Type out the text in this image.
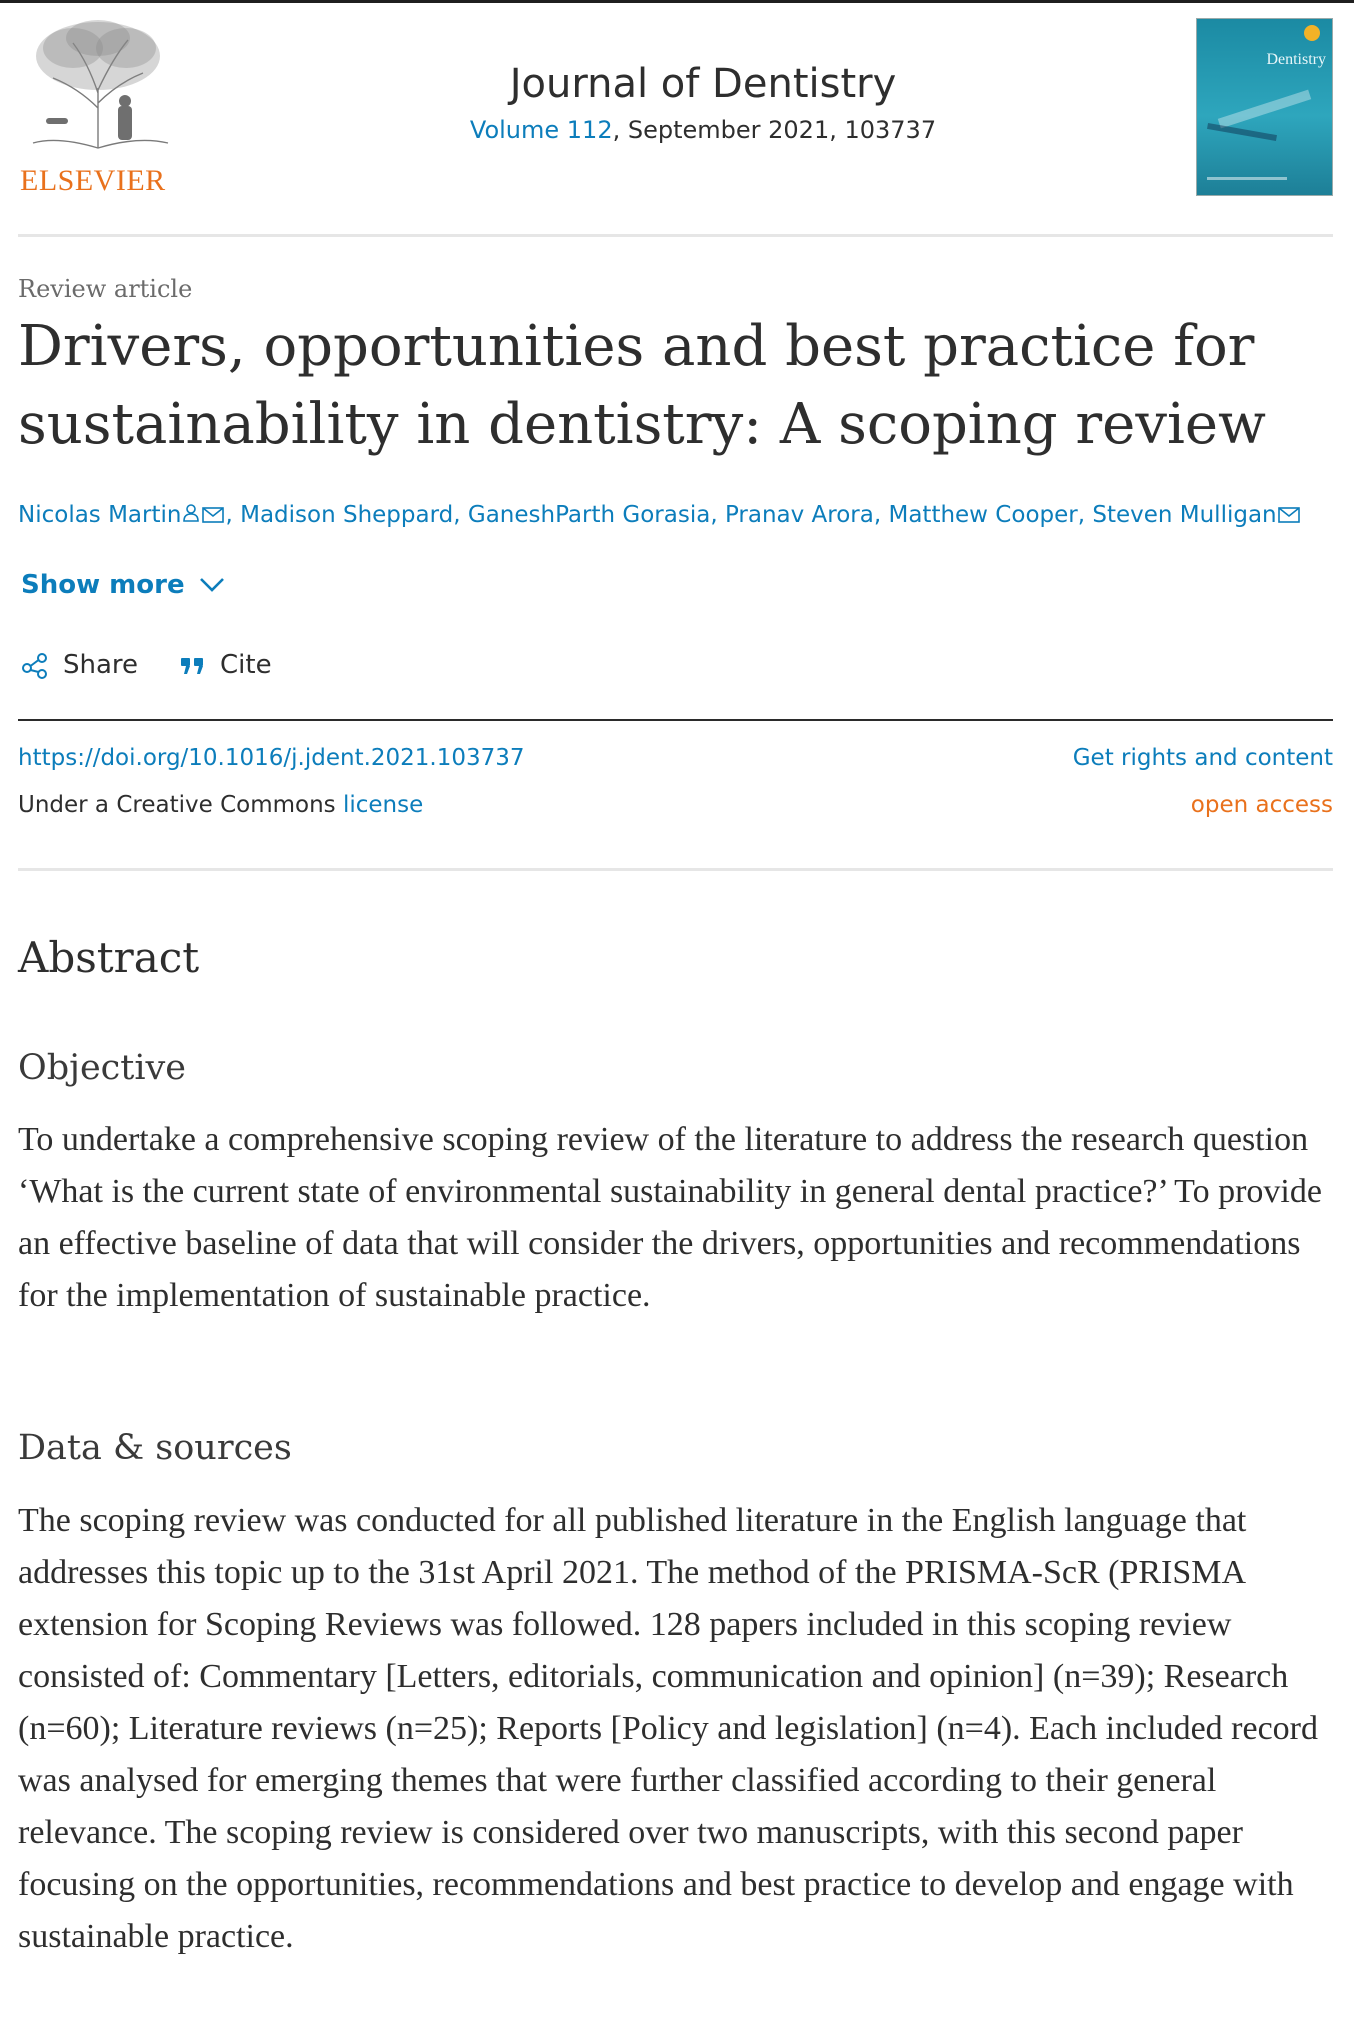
ELSEVIER
Journal of Dentistry
Volume 112, September 2021, 103737
Dentistry
Review article
Drivers, opportunities and best practice for sustainability in dentistry: A scoping review
Nicolas Martin , Madison Sheppard, GaneshParth Gorasia, Pranav Arora, Matthew Cooper, Steven Mulligan
Show more
Share	Cite
https://doi.org/10.1016/j.jdent.2021.103737	Get rights and content
Under a Creative Commons license	open access
Abstract
Objective

To undertake a comprehensive scoping review of the literature to address the research question ‘What is the current state of environmental sustainability in general dental practice?’ To provide an effective baseline of data that will consider the drivers, opportunities and recommendations for the implementation of sustainable practice.

Data & sources

The scoping review was conducted for all published literature in the English language that addresses this topic up to the 31st April 2021. The method of the PRISMA-ScR (PRISMA extension for Scoping Reviews was followed. 128 papers included in this scoping review consisted of: Commentary [Letters, editorials, communication and opinion] (n=39); Research (n=60); Literature reviews (n=25); Reports [Policy and legislation] (n=4). Each included record was analysed for emerging themes that were further classified according to their general relevance. The scoping review is considered over two manuscripts, with this second paper focusing on the opportunities, recommendations and best practice to develop and engage with sustainable practice.
